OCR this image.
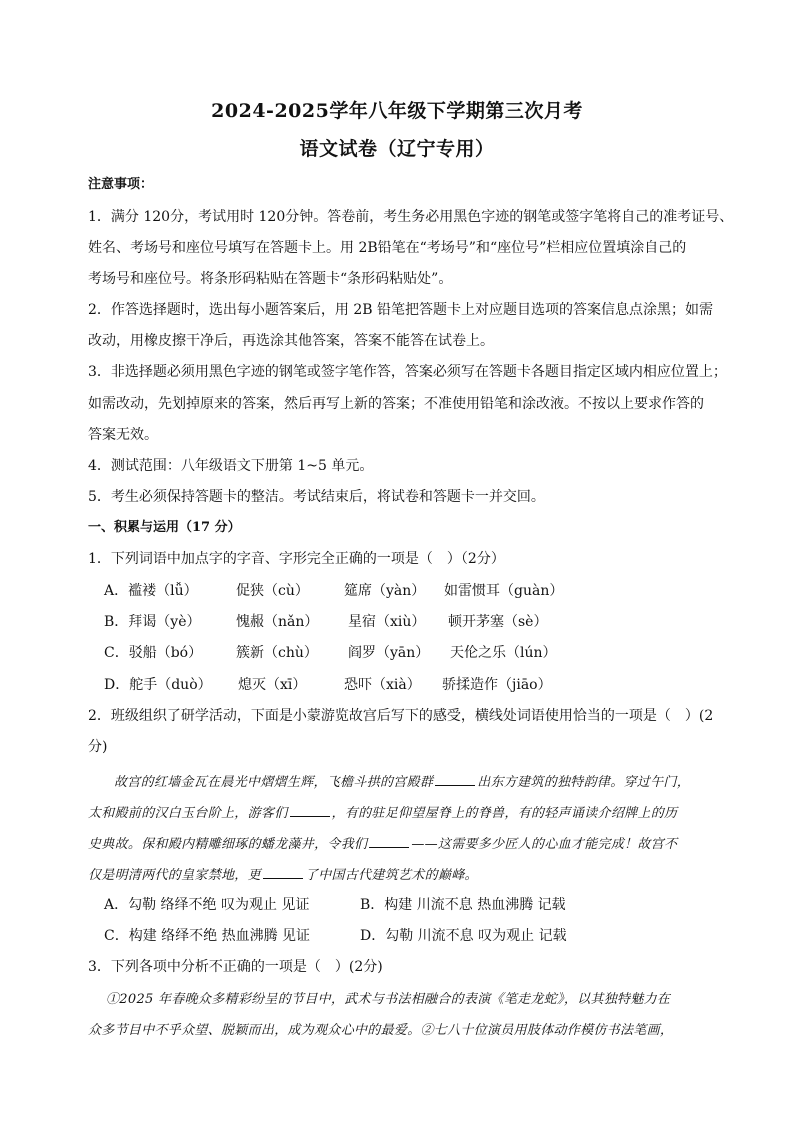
2024-2025学年八年级下学期第三次月考
语文试卷（辽宁专用）
注意事项：
1．满分 120分，考试用时 120分钟。答卷前，考生务必用黑色字迹的钢笔或签字笔将自己的准考证号、
姓名、考场号和座位号填写在答题卡上。用 2B铅笔在“考场号”和“座位号”栏相应位置填涂自己的
考场号和座位号。将条形码粘贴在答题卡“条形码粘贴处”。
2．作答选择题时，选出每小题答案后，用 2B 铅笔把答题卡上对应题目选项的答案信息点涂黑；如需
改动，用橡皮擦干净后，再选涂其他答案，答案不能答在试卷上。
3．非选择题必须用黑色字迹的钢笔或签字笔作答，答案必须写在答题卡各题目指定区域内相应位置上；
如需改动，先划掉原来的答案，然后再写上新的答案；不准使用铅笔和涂改液。不按以上要求作答的
答案无效。
4．测试范围：八年级语文下册第 1~5 单元。
5．考生必须保持答题卡的整洁。考试结束后，将试卷和答题卡一并交回。
一、积累与运用（17 分）
1．下列词语中加点字的字音、字形完全正确的一项是（　）（2分）
A．褴褛（lǚ）	促狭（cù）	筵席（yàn） 如雷惯耳（guàn）
B．拜谒（yè）	愧赧（nǎn） 星宿（xiù） 顿开茅塞（sè）
C．驳船（bó） 簇新（chù） 阎罗（yān） 天伦之乐（lún）
D．舵手（duò） 熄灭（xī）	恐吓（xià） 骄揉造作（jiāo）
2．班级组织了研学活动，下面是小蒙游览故宫后写下的感受，横线处词语使用恰当的一项是（　）(2
分)
故宫的红墙金瓦在晨光中熠熠生辉，飞檐斗拱的宫殿群	出东方建筑的独特韵律。穿过午门，
太和殿前的汉白玉台阶上，游客们	，有的驻足仰望屋脊上的脊兽，有的轻声诵读介绍牌上的历
史典故。保和殿内精雕细琢的蟠龙藻井，令我们	——这需要多少匠人的心血才能完成！故宫不
仅是明清两代的皇家禁地，更	了中国古代建筑艺术的巅峰。
A．勾勒 络绎不绝 叹为观止 见证	B．构建 川流不息 热血沸腾 记载
C．构建 络绎不绝 热血沸腾 见证	D．勾勒 川流不息 叹为观止 记载
3．下列各项中分析不正确的一项是（　）(2分)
①2025 年春晚众多精彩纷呈的节目中，武术与书法相融合的表演《笔走龙蛇》，以其独特魅力在
众多节目中不乎众望、脱颖而出，成为观众心中的最爱。②七八十位演员用肢体动作模仿书法笔画，
